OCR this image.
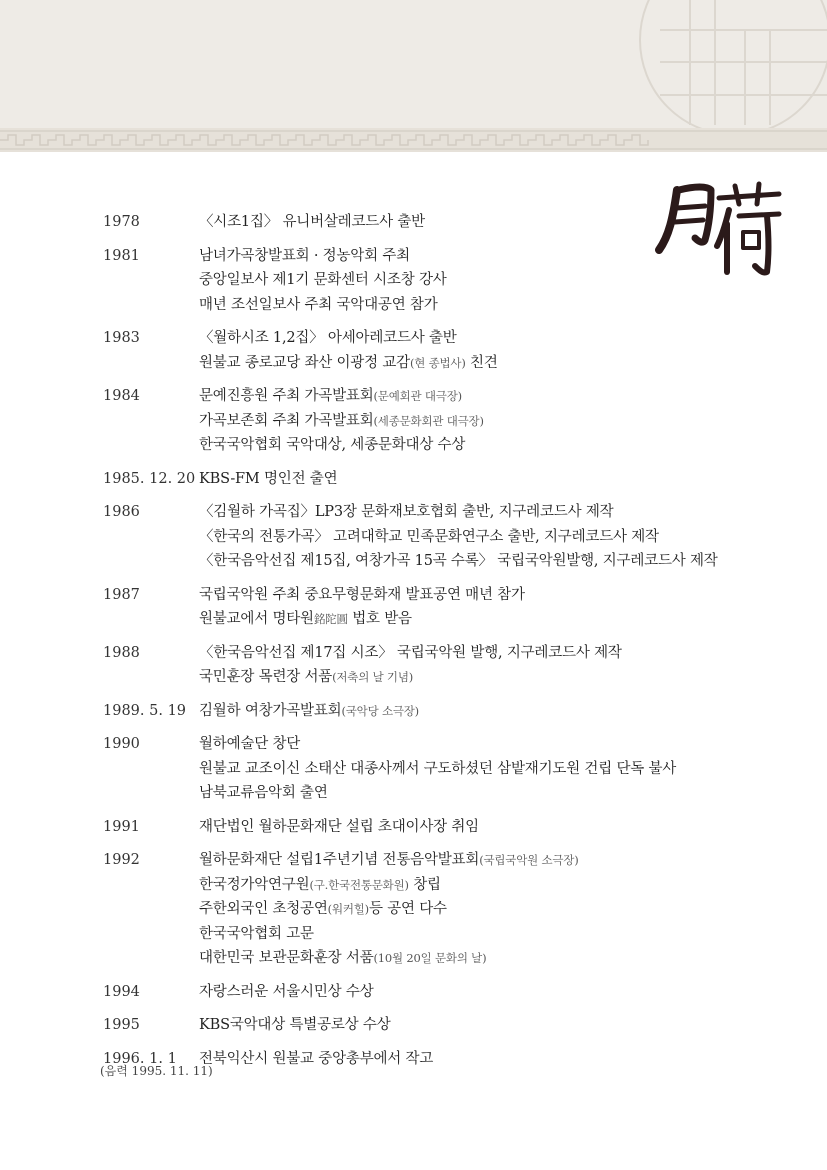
1978	〈시조1집〉 유니버살레코드사 출반
1981	남녀가곡창발표회 · 정농악회 주최
중앙일보사 제1기 문화센터 시조창 강사
매년 조선일보사 주최 국악대공연 참가
1983	〈월하시조 1,2집〉 아세아레코드사 출반
원불교 종로교당 좌산 이광정 교감(현 종법사) 친견
1984	문예진흥원 주최 가곡발표회(문예회관 대극장)
가곡보존회 주최 가곡발표회(세종문화회관 대극장)
한국국악협회 국악대상, 세종문화대상 수상
1985. 12. 20 KBS-FM 명인전 출연
1986	〈김월하 가곡집〉LP3장 문화재보호협회 출반, 지구레코드사 제작
〈한국의 전통가곡〉 고려대학교 민족문화연구소 출반, 지구레코드사 제작
〈한국음악선집 제15집, 여창가곡 15곡 수록〉 국립국악원발행, 지구레코드사 제작
1987	국립국악원 주최 중요무형문화재 발표공연 매년 참가
원불교에서 명타원銘陀圓 법호 받음
1988	〈한국음악선집 제17집 시조〉 국립국악원 발행, 지구레코드사 제작
국민훈장 목련장 서품(저축의 날 기념)
1989. 5. 19 김월하 여창가곡발표회(국악당 소극장)
1990	월하예술단 창단
원불교 교조이신 소태산 대종사께서 구도하셨던 삼밭재기도원 건립 단독 불사
남북교류음악회 출연
1991	재단법인 월하문화재단 설립 초대이사장 취임
1992	월하문화재단 설립1주년기념 전통음악발표회(국립국악원 소극장)
한국정가악연구원(구.한국전통문화원) 창립
주한외국인 초청공연(워커힐)등 공연 다수
한국국악협회 고문
대한민국 보관문화훈장 서품(10월 20일 문화의 날)
1994	자랑스러운 서울시민상 수상
1995	KBS국악대상 특별공로상 수상
1996. 1. 1	전북익산시 원불교 중앙총부에서 작고
(음력 1995. 11. 11)
